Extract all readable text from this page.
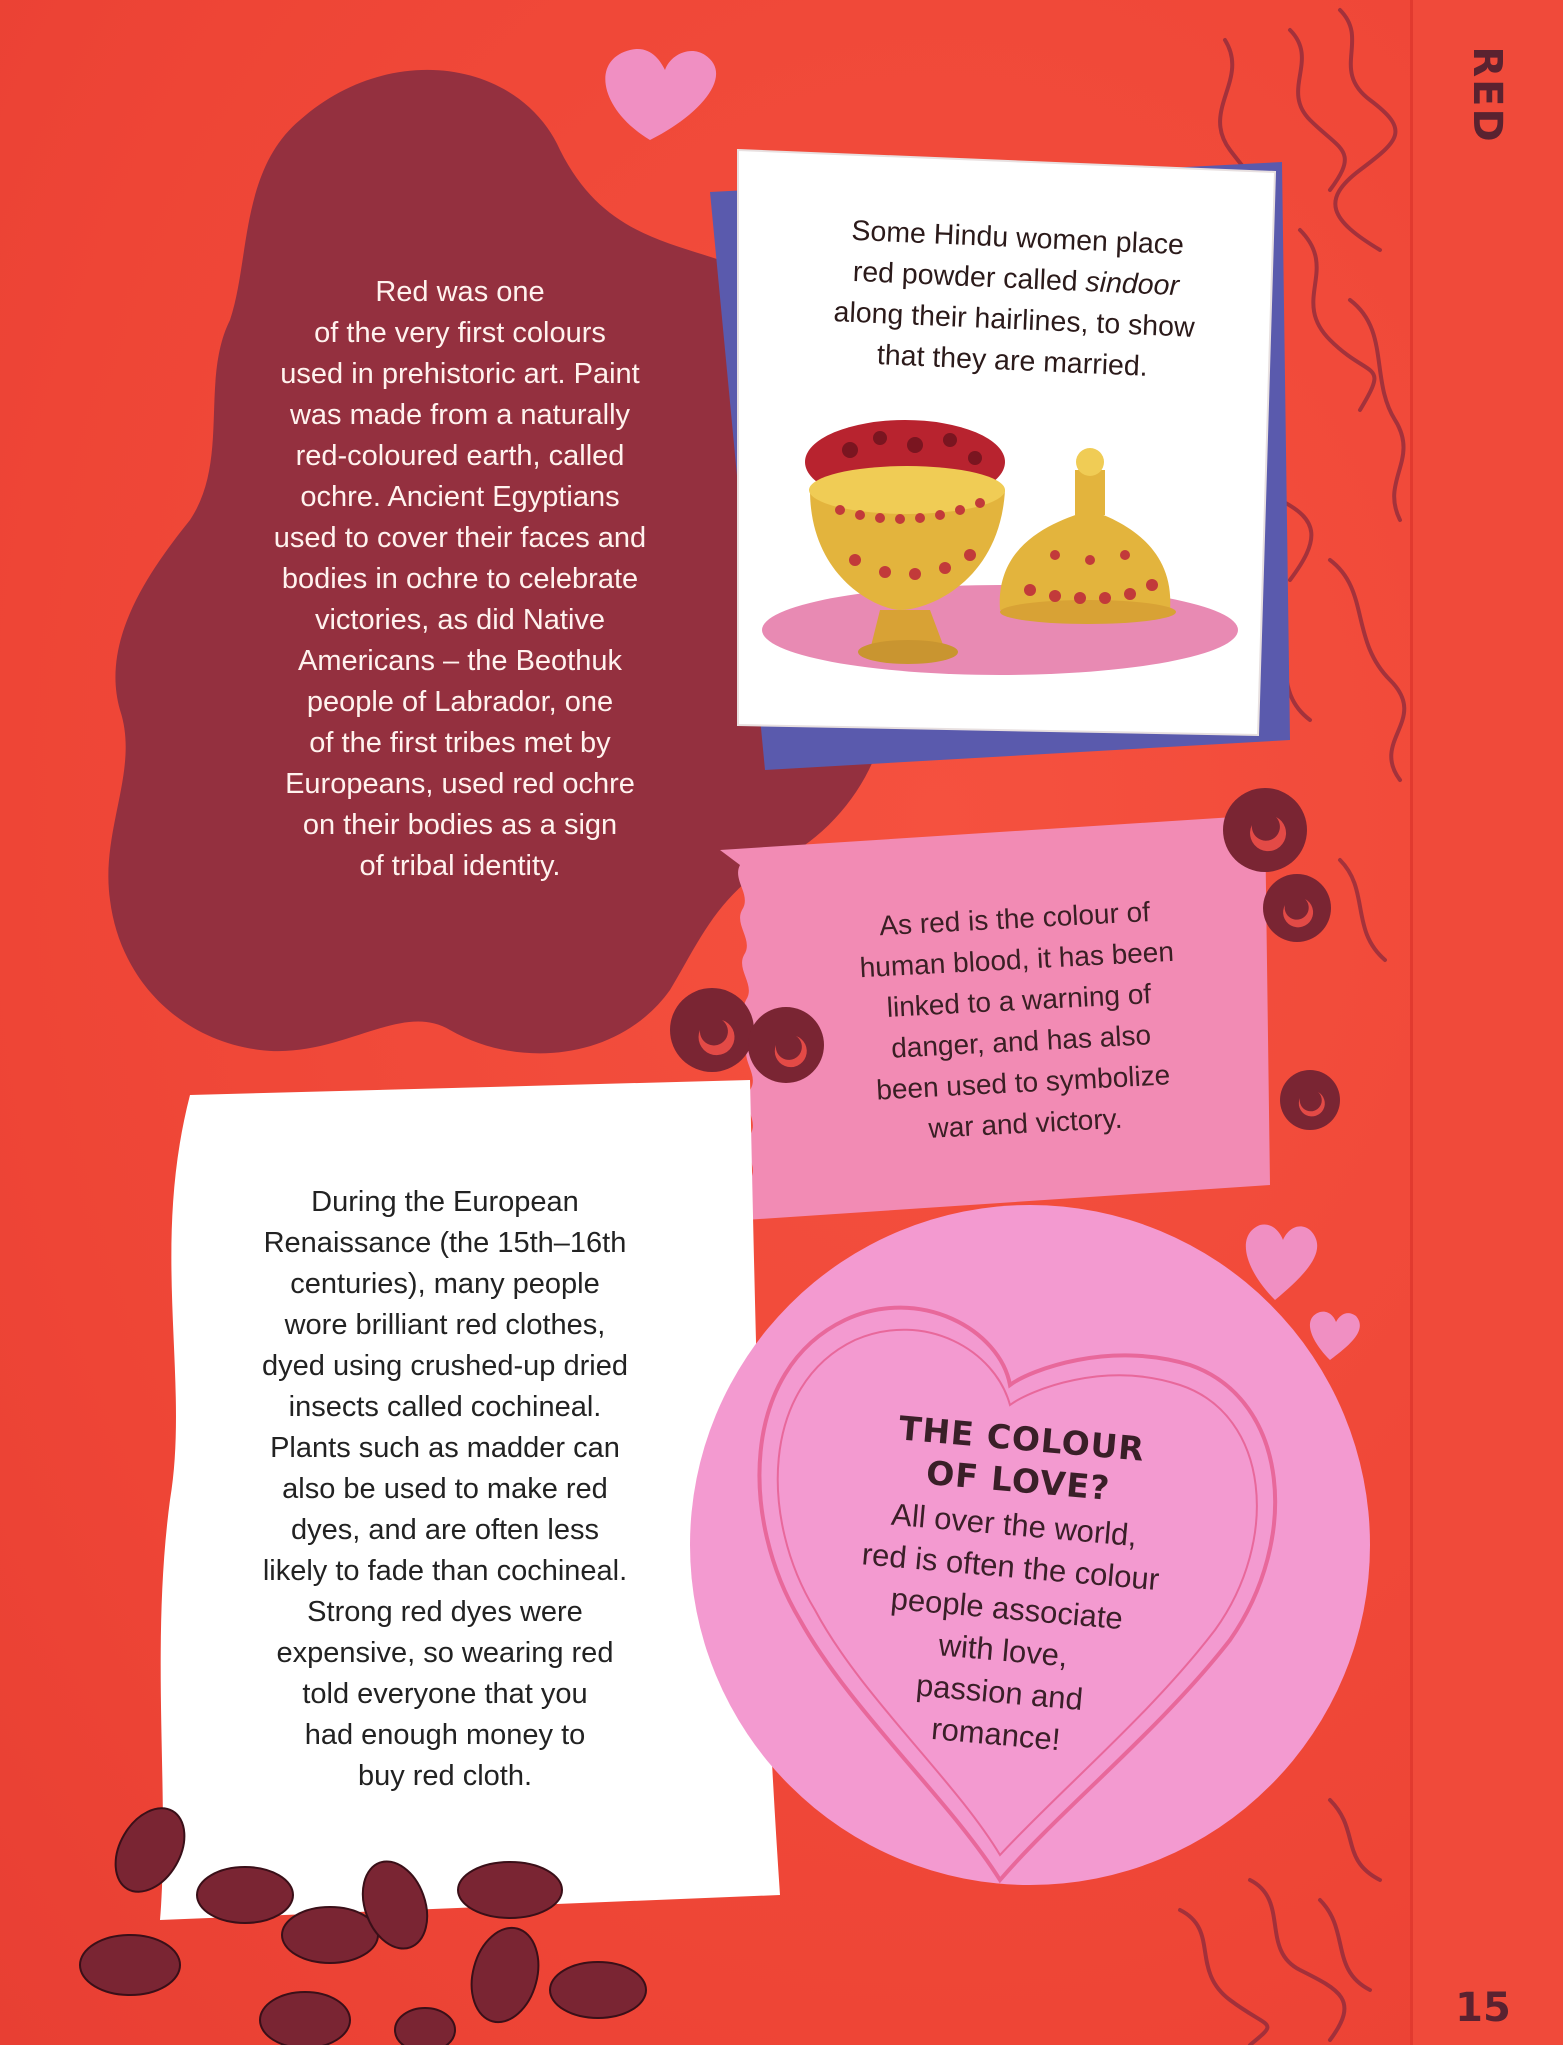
RED
15

Red was one
of the very first colours
used in prehistoric art. Paint
was made from a naturally
red-coloured earth, called
ochre. Ancient Egyptians
used to cover their faces and
bodies in ochre to celebrate
victories, as did Native
Americans – the Beothuk
people of Labrador, one
of the first tribes met by
Europeans, used red ochre
on their bodies as a sign
of tribal identity.

Some Hindu women place
red powder called sindoor
along their hairlines, to show
that they are married.

As red is the colour of
human blood, it has been
linked to a warning of
danger, and has also
been used to symbolize
war and victory.

During the European
Renaissance (the 15th–16th
centuries), many people
wore brilliant red clothes,
dyed using crushed-up dried
insects called cochineal.
Plants such as madder can
also be used to make red
dyes, and are often less
likely to fade than cochineal.
Strong red dyes were
expensive, so wearing red
told everyone that you
had enough money to
buy red cloth.

THE COLOUR
OF LOVE?
All over the world,
red is often the colour
people associate
with love,
passion and
romance!
